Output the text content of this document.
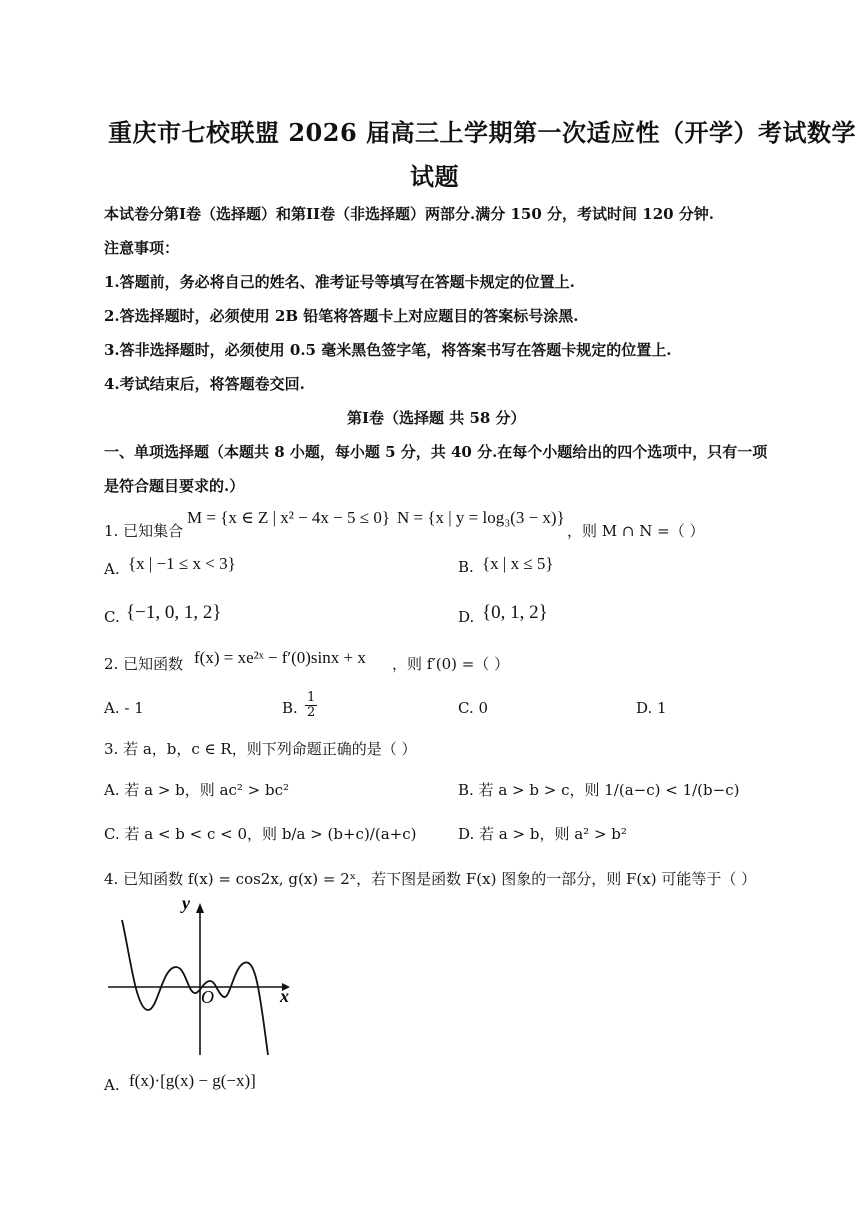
重庆市七校联盟 2026 届高三上学期第一次适应性（开学）考试数学
试题
本试卷分第I卷（选择题）和第II卷（非选择题）两部分.满分 150 分，考试时间 120 分钟.
注意事项：
1.答题前，务必将自己的姓名、准考证号等填写在答题卡规定的位置上.
2.答选择题时，必须使用 2B 铅笔将答题卡上对应题目的答案标号涂黑.
3.答非选择题时，必须使用 0.5 毫米黑色签字笔，将答案书写在答题卡规定的位置上.
4.考试结束后，将答题卷交回.
第I卷（选择题 共 58 分）
一、单项选择题（本题共 8 小题，每小题 5 分，共 40 分.在每个小题给出的四个选项中，只有一项
是符合题目要求的.）
1. 已知集合
M = {x ∈ Z | x² − 4x − 5 ≤ 0} N = {x | y = log₃(3 − x)}
，则 M ∩ N =（ ）
A. {x | −1 ≤ x < 3}	B. {x | x ≤ 5}
C. {−1, 0, 1, 2}	D. {0, 1, 2}
2. 已知函数 f(x) = xe²ˣ − f′(0)sinx + x ，则 f′(0) =（ ）
A. - 1	B. $\frac{1}{2}$	C. 0	D. 1
3. 若 a，b，c ∈ R，则下列命题正确的是（ ）
A. 若 a > b，则 ac² > bc²	B. 若 a > b > c，则 1/(a−c) < 1/(b−c)
C. 若 a < b < c < 0，则 b/a > (b+c)/(a+c)	D. 若 a > b，则 a² > b²
4. 已知函数 f(x) = cos2x, g(x) = 2ˣ，若下图是函数 F(x) 图象的一部分，则 F(x) 可能等于（ ）
y
x
O
A. f(x)·[g(x) − g(−x)]
